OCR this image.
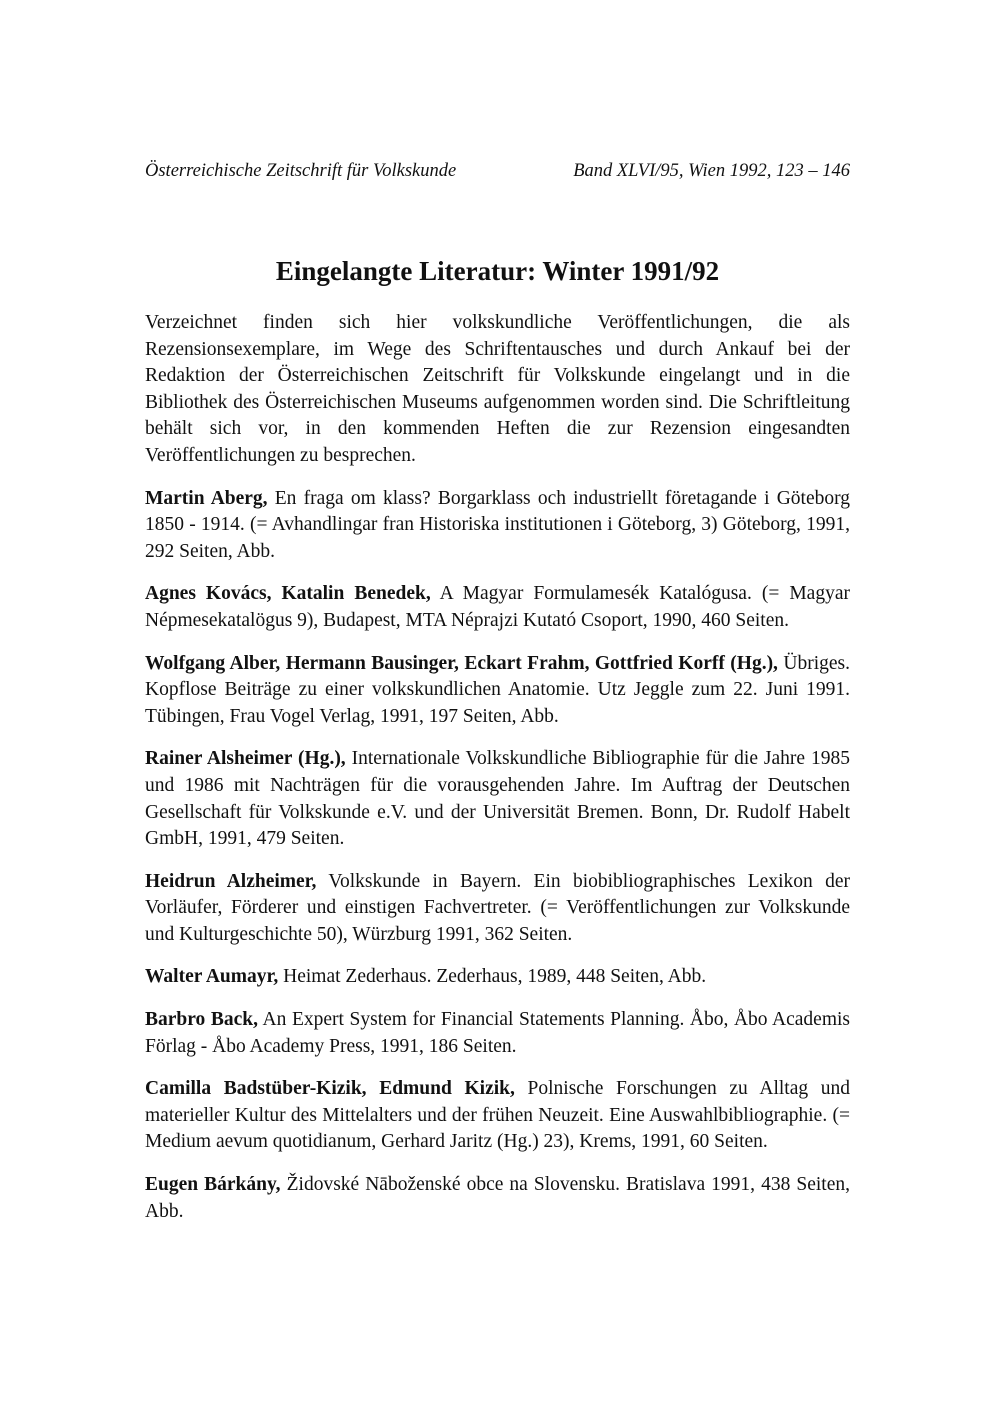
Österreichische Zeitschrift für Volkskunde	Band XLVI/95, Wien 1992, 123 – 146
Eingelangte Literatur: Winter 1991/92

Verzeichnet finden sich hier volkskundliche Veröffentlichungen, die als Rezensionsexemplare, im Wege des Schriftentausches und durch Ankauf bei der Redaktion der Österreichischen Zeitschrift für Volkskunde eingelangt und in die Bibliothek des Österreichischen Museums aufgenommen worden sind. Die Schriftleitung behält sich vor, in den kommenden Heften die zur Rezension eingesandten Veröffentlichungen zu besprechen.

Martin Aberg, En fraga om klass? Borgarklass och industriellt företagande i Göteborg 1850 - 1914. (= Avhandlingar fran Historiska institutionen i Göteborg, 3) Göteborg, 1991, 292 Seiten, Abb.

Agnes Kovács, Katalin Benedek, A Magyar Formulamesék Katalógusa. (= Magyar Népmesekatalögus 9), Budapest, MTA Néprajzi Kutató Csoport, 1990, 460 Seiten.

Wolfgang Alber, Hermann Bausinger, Eckart Frahm, Gottfried Korff (Hg.), Übriges. Kopflose Beiträge zu einer volkskundlichen Anatomie. Utz Jeggle zum 22. Juni 1991. Tübingen, Frau Vogel Verlag, 1991, 197 Seiten, Abb.

Rainer Alsheimer (Hg.), Internationale Volkskundliche Bibliographie für die Jahre 1985 und 1986 mit Nachträgen für die vorausgehenden Jahre. Im Auftrag der Deutschen Gesellschaft für Volkskunde e.V. und der Universität Bremen. Bonn, Dr. Rudolf Habelt GmbH, 1991, 479 Seiten.

Heidrun Alzheimer, Volkskunde in Bayern. Ein biobibliographisches Lexikon der Vorläufer, Förderer und einstigen Fachvertreter. (= Veröffentlichungen zur Volkskunde und Kulturgeschichte 50), Würzburg 1991, 362 Seiten.

Walter Aumayr, Heimat Zederhaus. Zederhaus, 1989, 448 Seiten, Abb.

Barbro Back, An Expert System for Financial Statements Planning. Åbo, Åbo Academis Förlag - Åbo Academy Press, 1991, 186 Seiten.

Camilla Badstüber-Kizik, Edmund Kizik, Polnische Forschungen zu Alltag und materieller Kultur des Mittelalters und der frühen Neuzeit. Eine Auswahlbibliographie. (= Medium aevum quotidianum, Gerhard Jaritz (Hg.) 23), Krems, 1991, 60 Seiten.

Eugen Bárkány, Židovské Nāboženské obce na Slovensku. Bratislava 1991, 438 Seiten, Abb.
